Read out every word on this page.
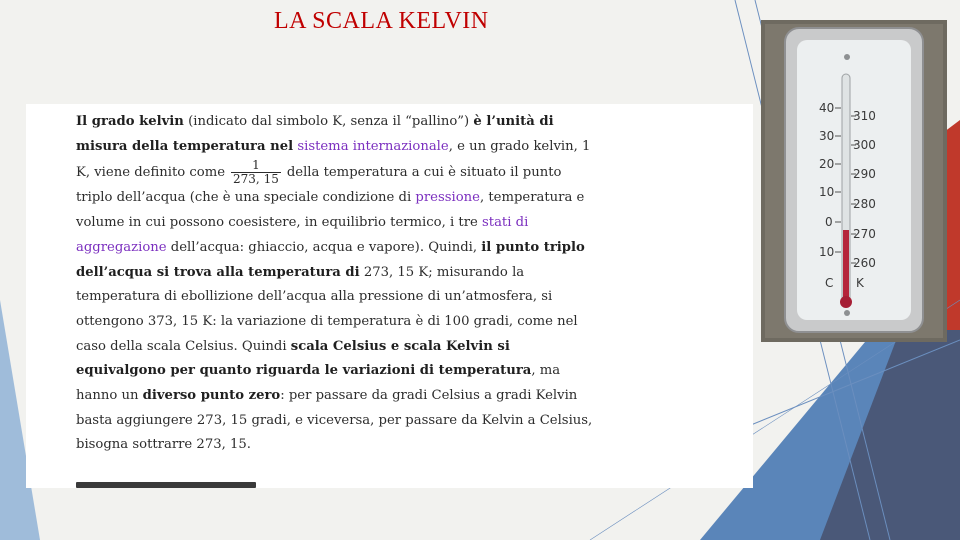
LA SCALA KELVIN
Il grado kelvin (indicato dal simbolo K, senza il “pallino”) è l’unità di misura della temperatura nel sistema internazionale, e un grado kelvin, 1 K, viene definito come $\frac{1}{273, 15}$ della temperatura a cui è situato il punto triplo dell’acqua (che è una speciale condizione di pressione, temperatura e volume in cui possono coesistere, in equilibrio termico, i tre stati di aggregazione dell’acqua: ghiaccio, acqua e vapore). Quindi, il punto triplo dell’acqua si trova alla temperatura di 273, 15 K; misurando la temperatura di ebollizione dell’acqua alla pressione di un’atmosfera, si ottengono 373, 15 K: la variazione di temperatura è di 100 gradi, come nel caso della scala Celsius. Quindi scala Celsius e scala Kelvin si equivalgono per quanto riguarda le variazioni di temperatura, ma hanno un diverso punto zero: per passare da gradi Celsius a gradi Kelvin basta aggiungere 273, 15 gradi, e viceversa, per passare da Kelvin a Celsius, bisogna sottrarre 273, 15.
40
30
20
10
0
10
310
300
290
280
270
260
C K
